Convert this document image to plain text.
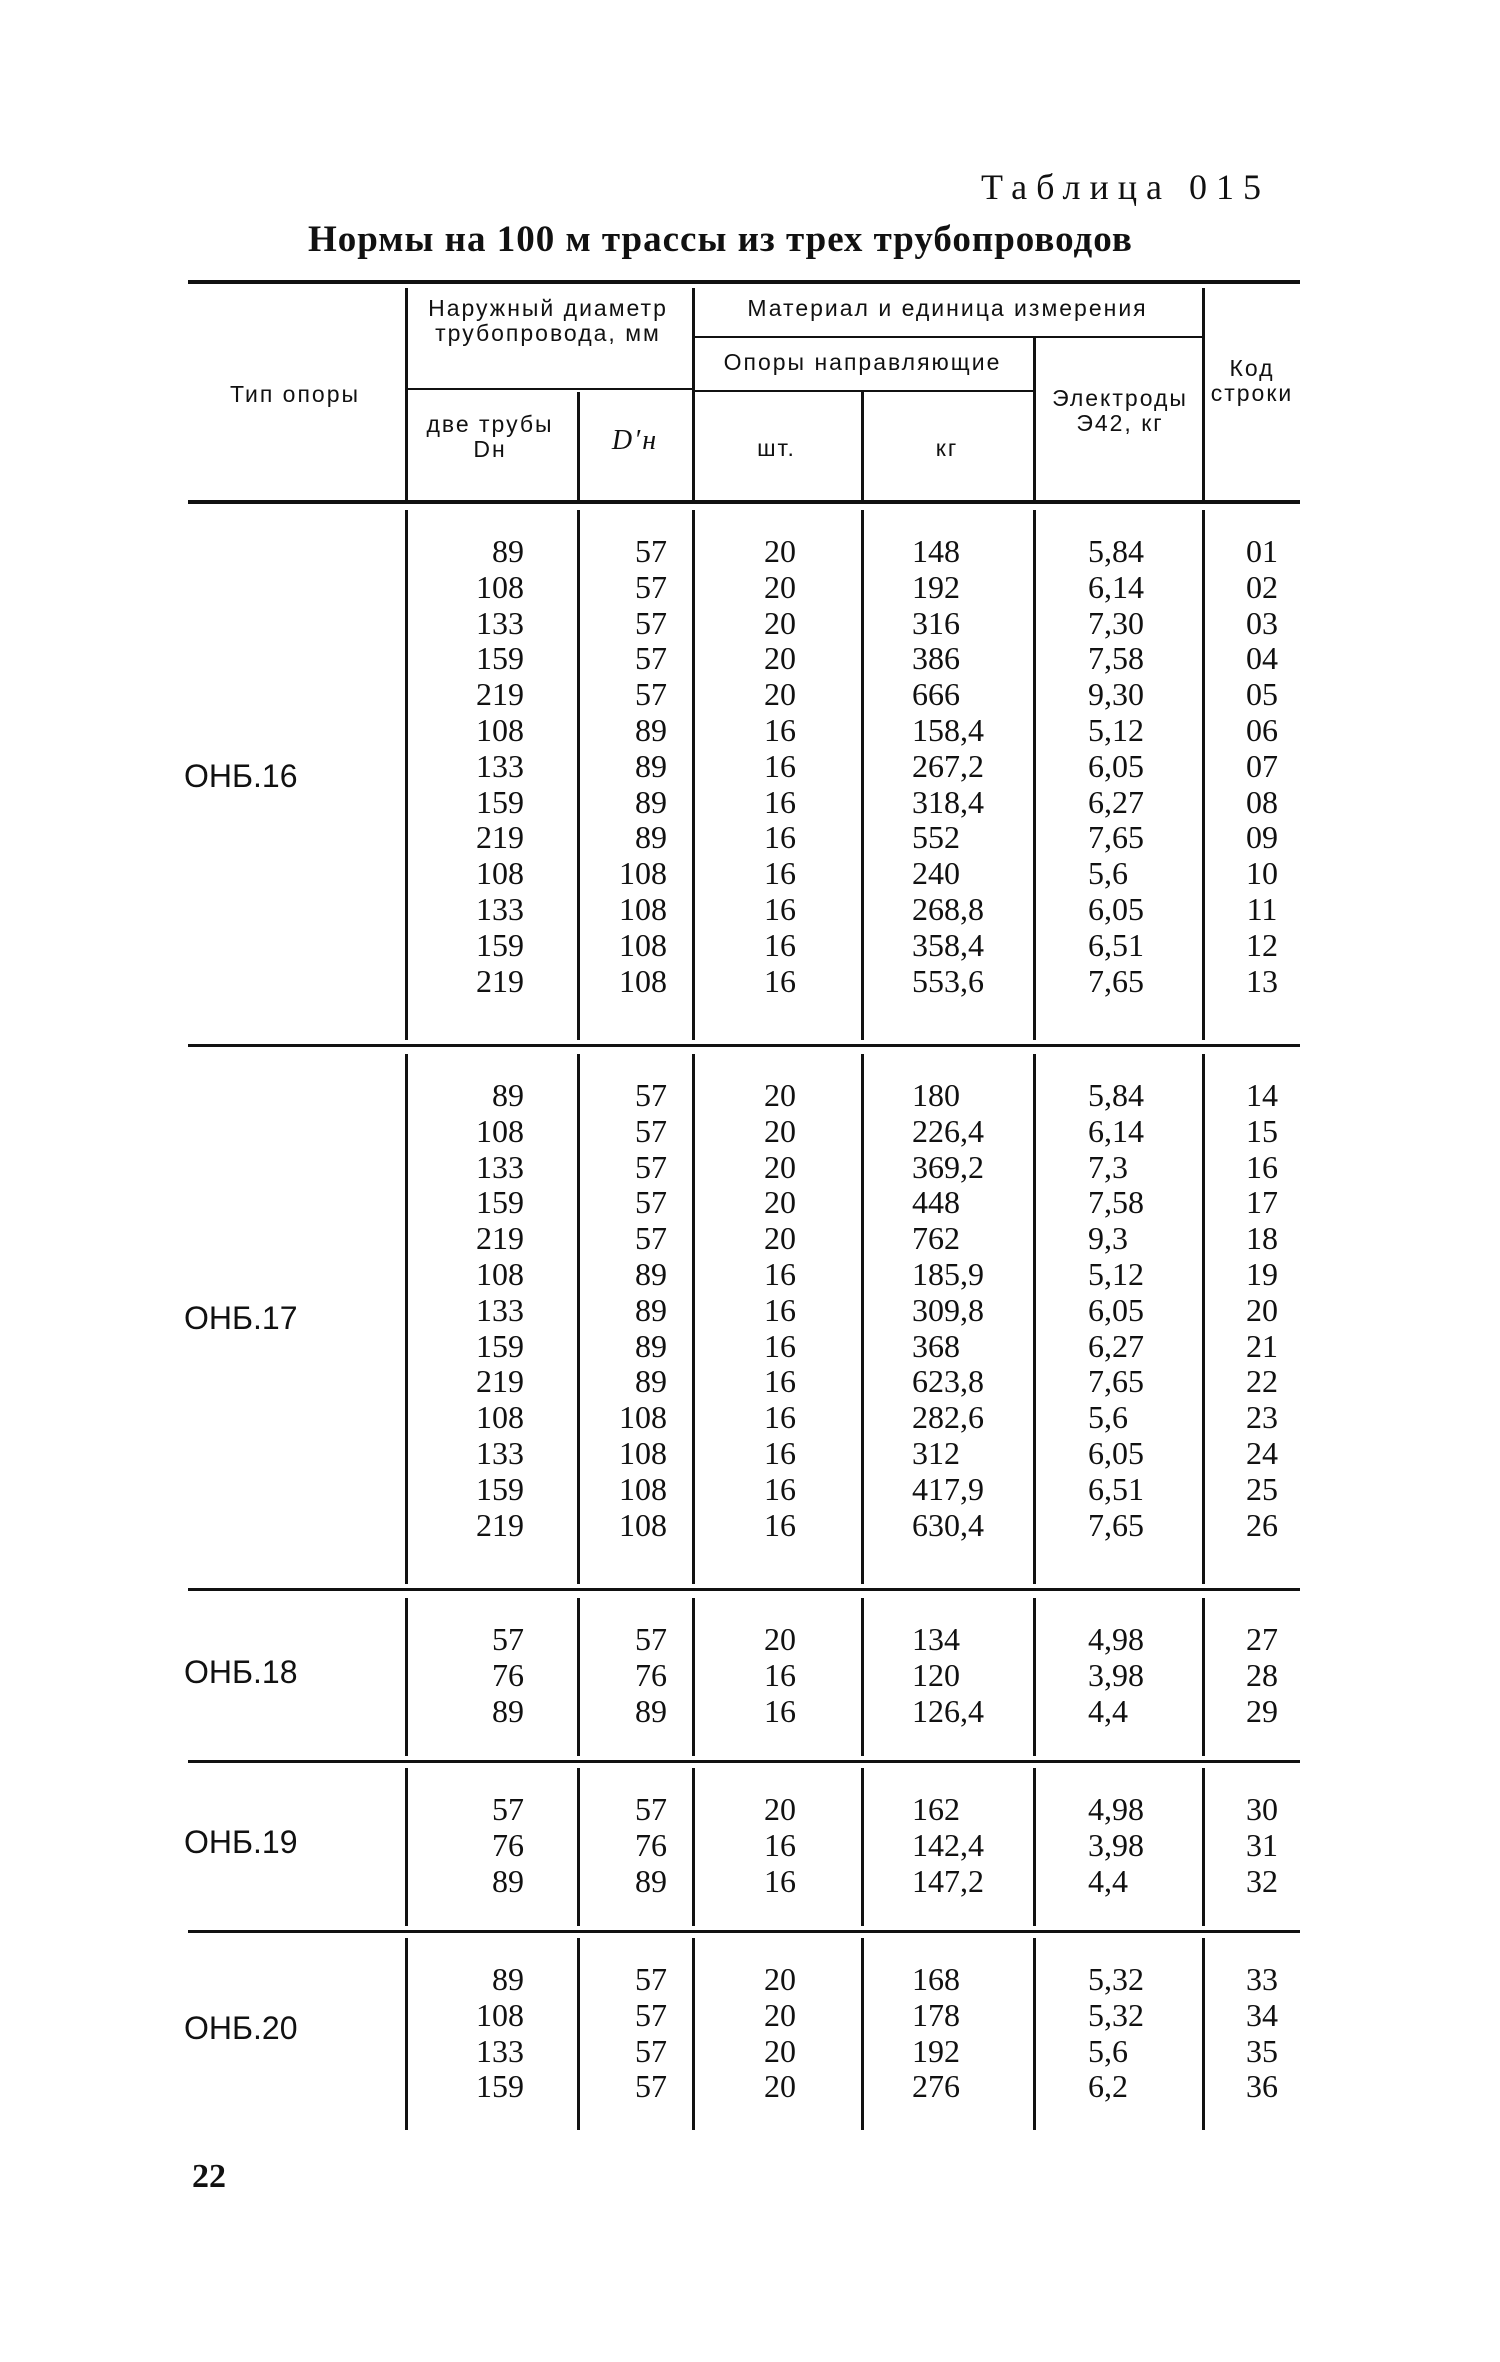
Таблица 015
Нормы на 100 м трассы из трех трубопроводов
Тип опоры
Наружный диаметр трубопровода, мм
две трубы Dн	D′н
Материал и единица измерения
Опоры направляющие
шт.	кг
Электроды Э42, кг
Код строки
ОНБ.16
ОНБ.17
ОНБ.18
ОНБ.19
ОНБ.20
89
108
133
159
219
108
133
159
219
108
133
159
219
57
57
57
57
57
89
89
89
89
108
108
108
108
20
20
20
20
20
16
16
16
16
16
16
16
16
148
192
316
386
666
158,4
267,2
318,4
552
240
268,8
358,4
553,6
5,84
6,14
7,30
7,58
9,30
5,12
6,05
6,27
7,65
5,6
6,05
6,51
7,65
01
02
03
04
05
06
07
08
09
10
11
12
13
89
108
133
159
219
108
133
159
219
108
133
159
219
57
57
57
57
57
89
89
89
89
108
108
108
108
20
20
20
20
20
16
16
16
16
16
16
16
16
180
226,4
369,2
448
762
185,9
309,8
368
623,8
282,6
312
417,9
630,4
5,84
6,14
7,3
7,58
9,3
5,12
6,05
6,27
7,65
5,6
6,05
6,51
7,65
14
15
16
17
18
19
20
21
22
23
24
25
26
57
76
89
57
76
89
20
16
16
134
120
126,4
4,98
3,98
4,4
27
28
29
57
76
89
57
76
89
20
16
16
162
142,4
147,2
4,98
3,98
4,4
30
31
32
89
108
133
159
57
57
57
57
20
20
20
20
168
178
192
276
5,32
5,32
5,6
6,2
33
34
35
36
22
